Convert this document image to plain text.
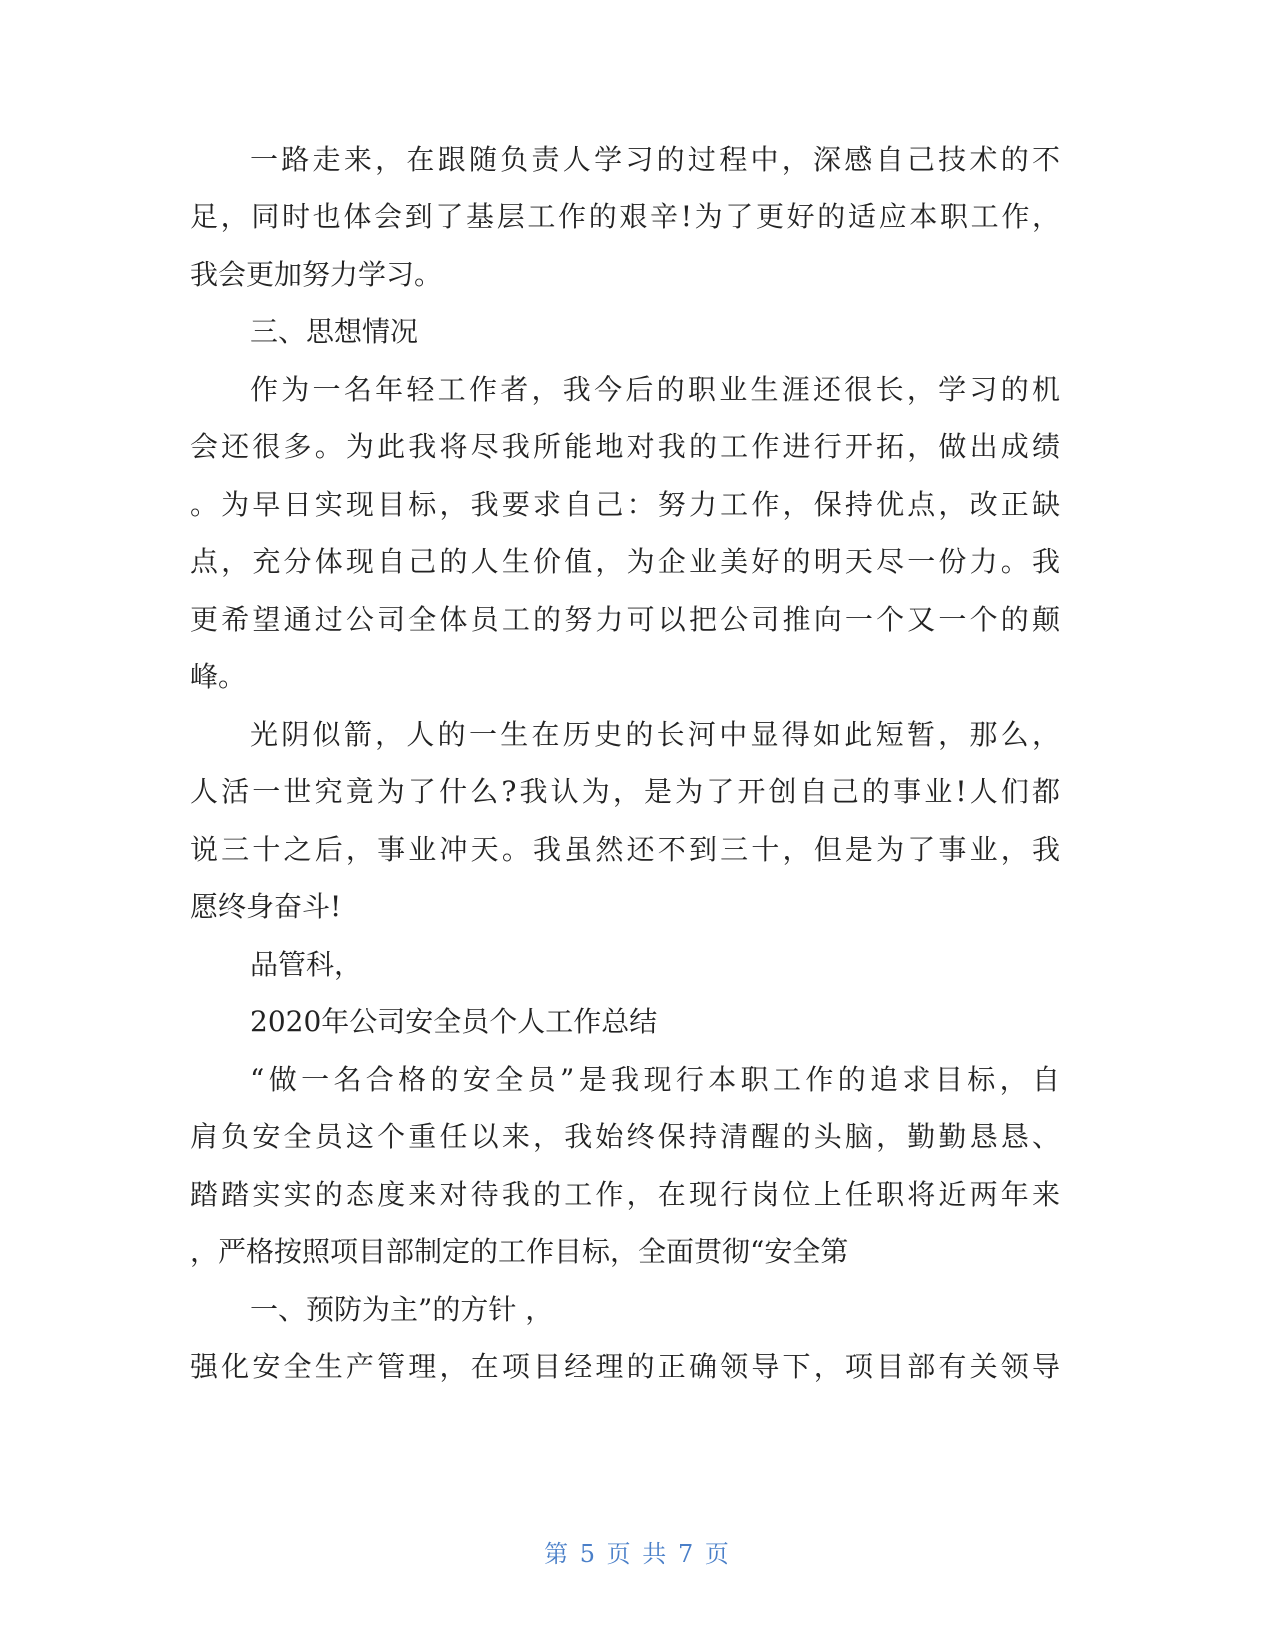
一路走来，在跟随负责人学习的过程中，深感自己技术的不
足，同时也体会到了基层工作的艰辛!为了更好的适应本职工作，
我会更加努力学习。
三、思想情况
作为一名年轻工作者，我今后的职业生涯还很长，学习的机
会还很多。为此我将尽我所能地对我的工作进行开拓，做出成绩
。为早日实现目标，我要求自己：努力工作，保持优点，改正缺
点，充分体现自己的人生价值，为企业美好的明天尽一份力。我
更希望通过公司全体员工的努力可以把公司推向一个又一个的颠
峰。
光阴似箭，人的一生在历史的长河中显得如此短暂，那么，
人活一世究竟为了什么?我认为，是为了开创自己的事业!人们都
说三十之后，事业冲天。我虽然还不到三十，但是为了事业，我
愿终身奋斗!
品管科，
2020年公司安全员个人工作总结
“做一名合格的安全员”是我现行本职工作的追求目标，自
肩负安全员这个重任以来，我始终保持清醒的头脑，勤勤恳恳、
踏踏实实的态度来对待我的工作，在现行岗位上任职将近两年来
，严格按照项目部制定的工作目标，全面贯彻“安全第
一、预防为主”的方针 ，
强化安全生产管理，在项目经理的正确领导下，项目部有关领导
第 5 页 共 7 页
